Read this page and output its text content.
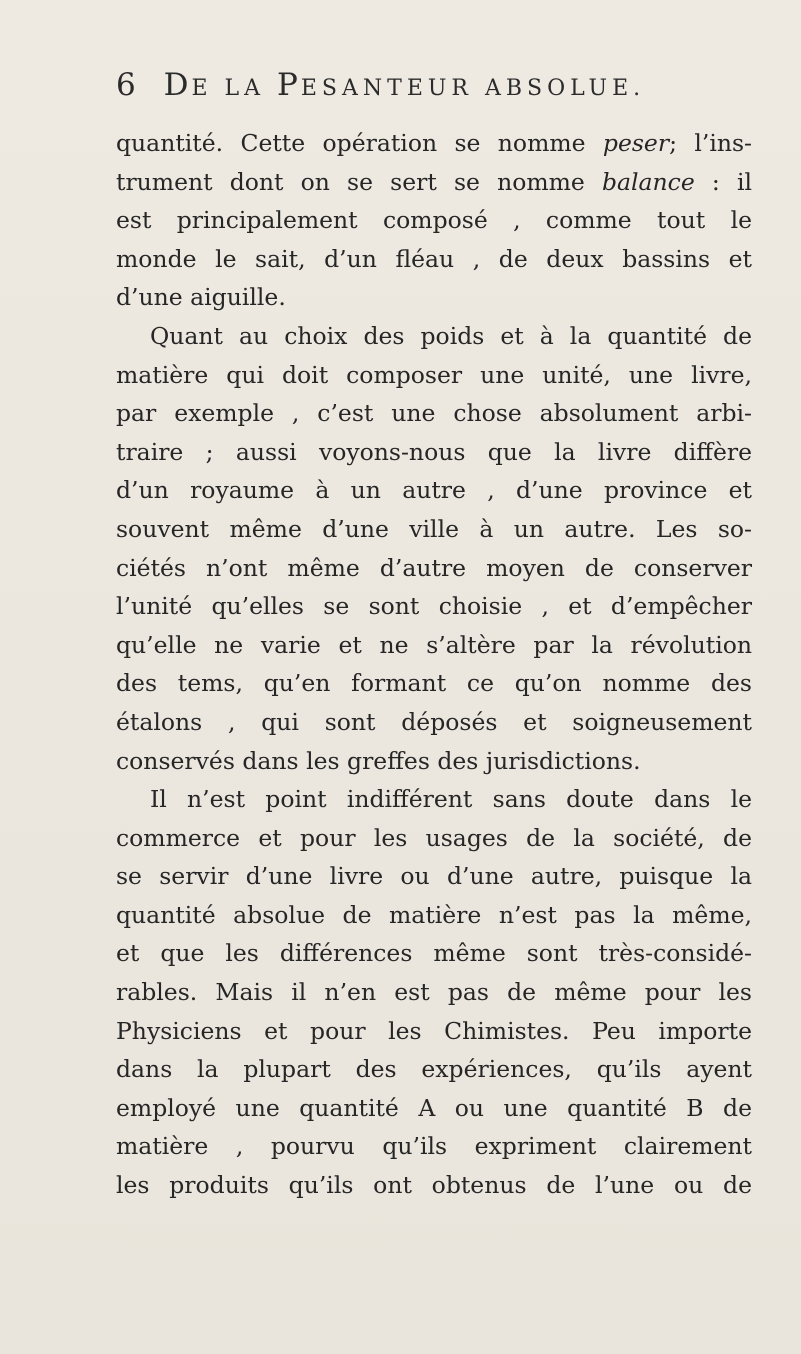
6 DE LA PESANTEUR ABSOLUE.
quantité. Cette opération se nomme peser; l’ins-
trument dont on se sert se nomme balance : il
est principalement composé , comme tout le
monde le sait, d’un fléau , de deux bassins et
d’une aiguille.
Quant au choix des poids et à la quantité de
matière qui doit composer une unité, une livre,
par exemple , c’est une chose absolument arbi-
traire ; aussi voyons-nous que la livre diffère
d’un royaume à un autre , d’une province et
souvent même d’une ville à un autre. Les so-
ciétés n’ont même d’autre moyen de conserver
l’unité qu’elles se sont choisie , et d’empêcher
qu’elle ne varie et ne s’altère par la révolution
des tems, qu’en formant ce qu’on nomme des
étalons , qui sont déposés et soigneusement
conservés dans les greffes des jurisdictions.
Il n’est point indifférent sans doute dans le
commerce et pour les usages de la société, de
se servir d’une livre ou d’une autre, puisque la
quantité absolue de matière n’est pas la même,
et que les différences même sont très-considé-
rables. Mais il n’en est pas de même pour les
Physiciens et pour les Chimistes. Peu importe
dans la plupart des expériences, qu’ils ayent
employé une quantité A ou une quantité B de
matière , pourvu qu’ils expriment clairement
les produits qu’ils ont obtenus de l’une ou de
